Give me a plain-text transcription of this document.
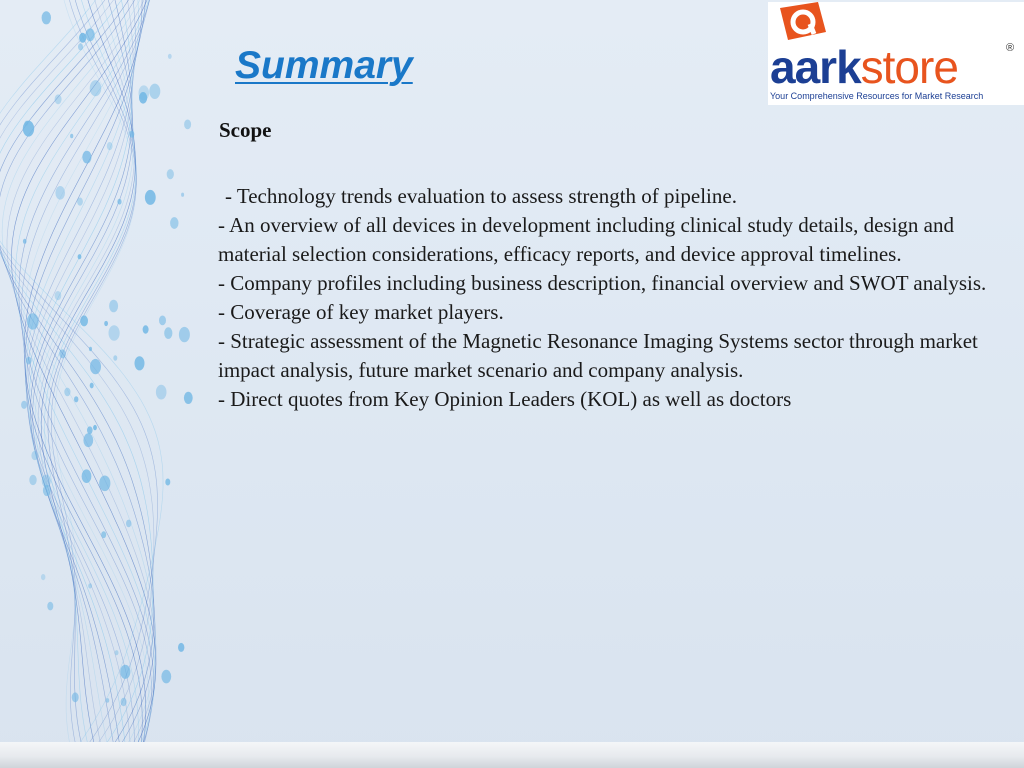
Summary	aarkstore	®
Your Comprehensive Resources for Market Research
Scope
- Technology trends evaluation to assess strength of pipeline.
- An overview of all devices in development including clinical study details, design and material selection considerations, efficacy reports, and device approval timelines.
- Company profiles including business description, financial overview and SWOT analysis.
- Coverage of key market players.
- Strategic assessment of the Magnetic Resonance Imaging Systems sector through market impact analysis, future market scenario and company analysis.
- Direct quotes from Key Opinion Leaders (KOL) as well as doctors
